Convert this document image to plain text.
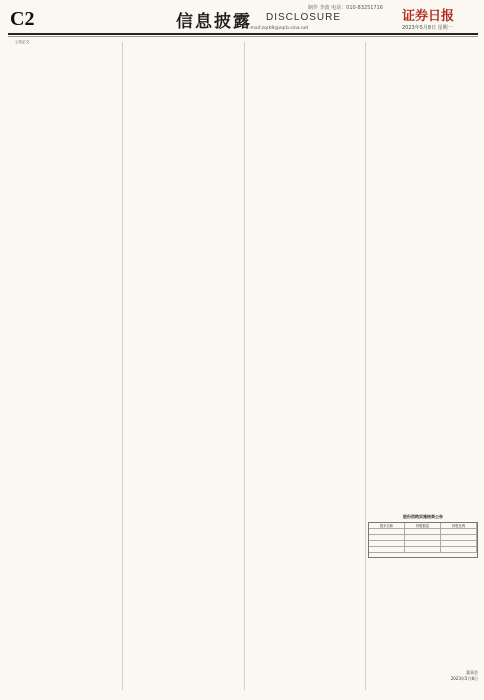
C2	信息披露 DISCLOSURE
制作 李波 电话：010-83251716
E-mail:zqrb9@zqrb.sina.net
证券日报
2023年5月8日 星期一
公告正文
股份回购实施结果公告
股东名称	持股数量	持股比例
董事会
2023年5月8日
